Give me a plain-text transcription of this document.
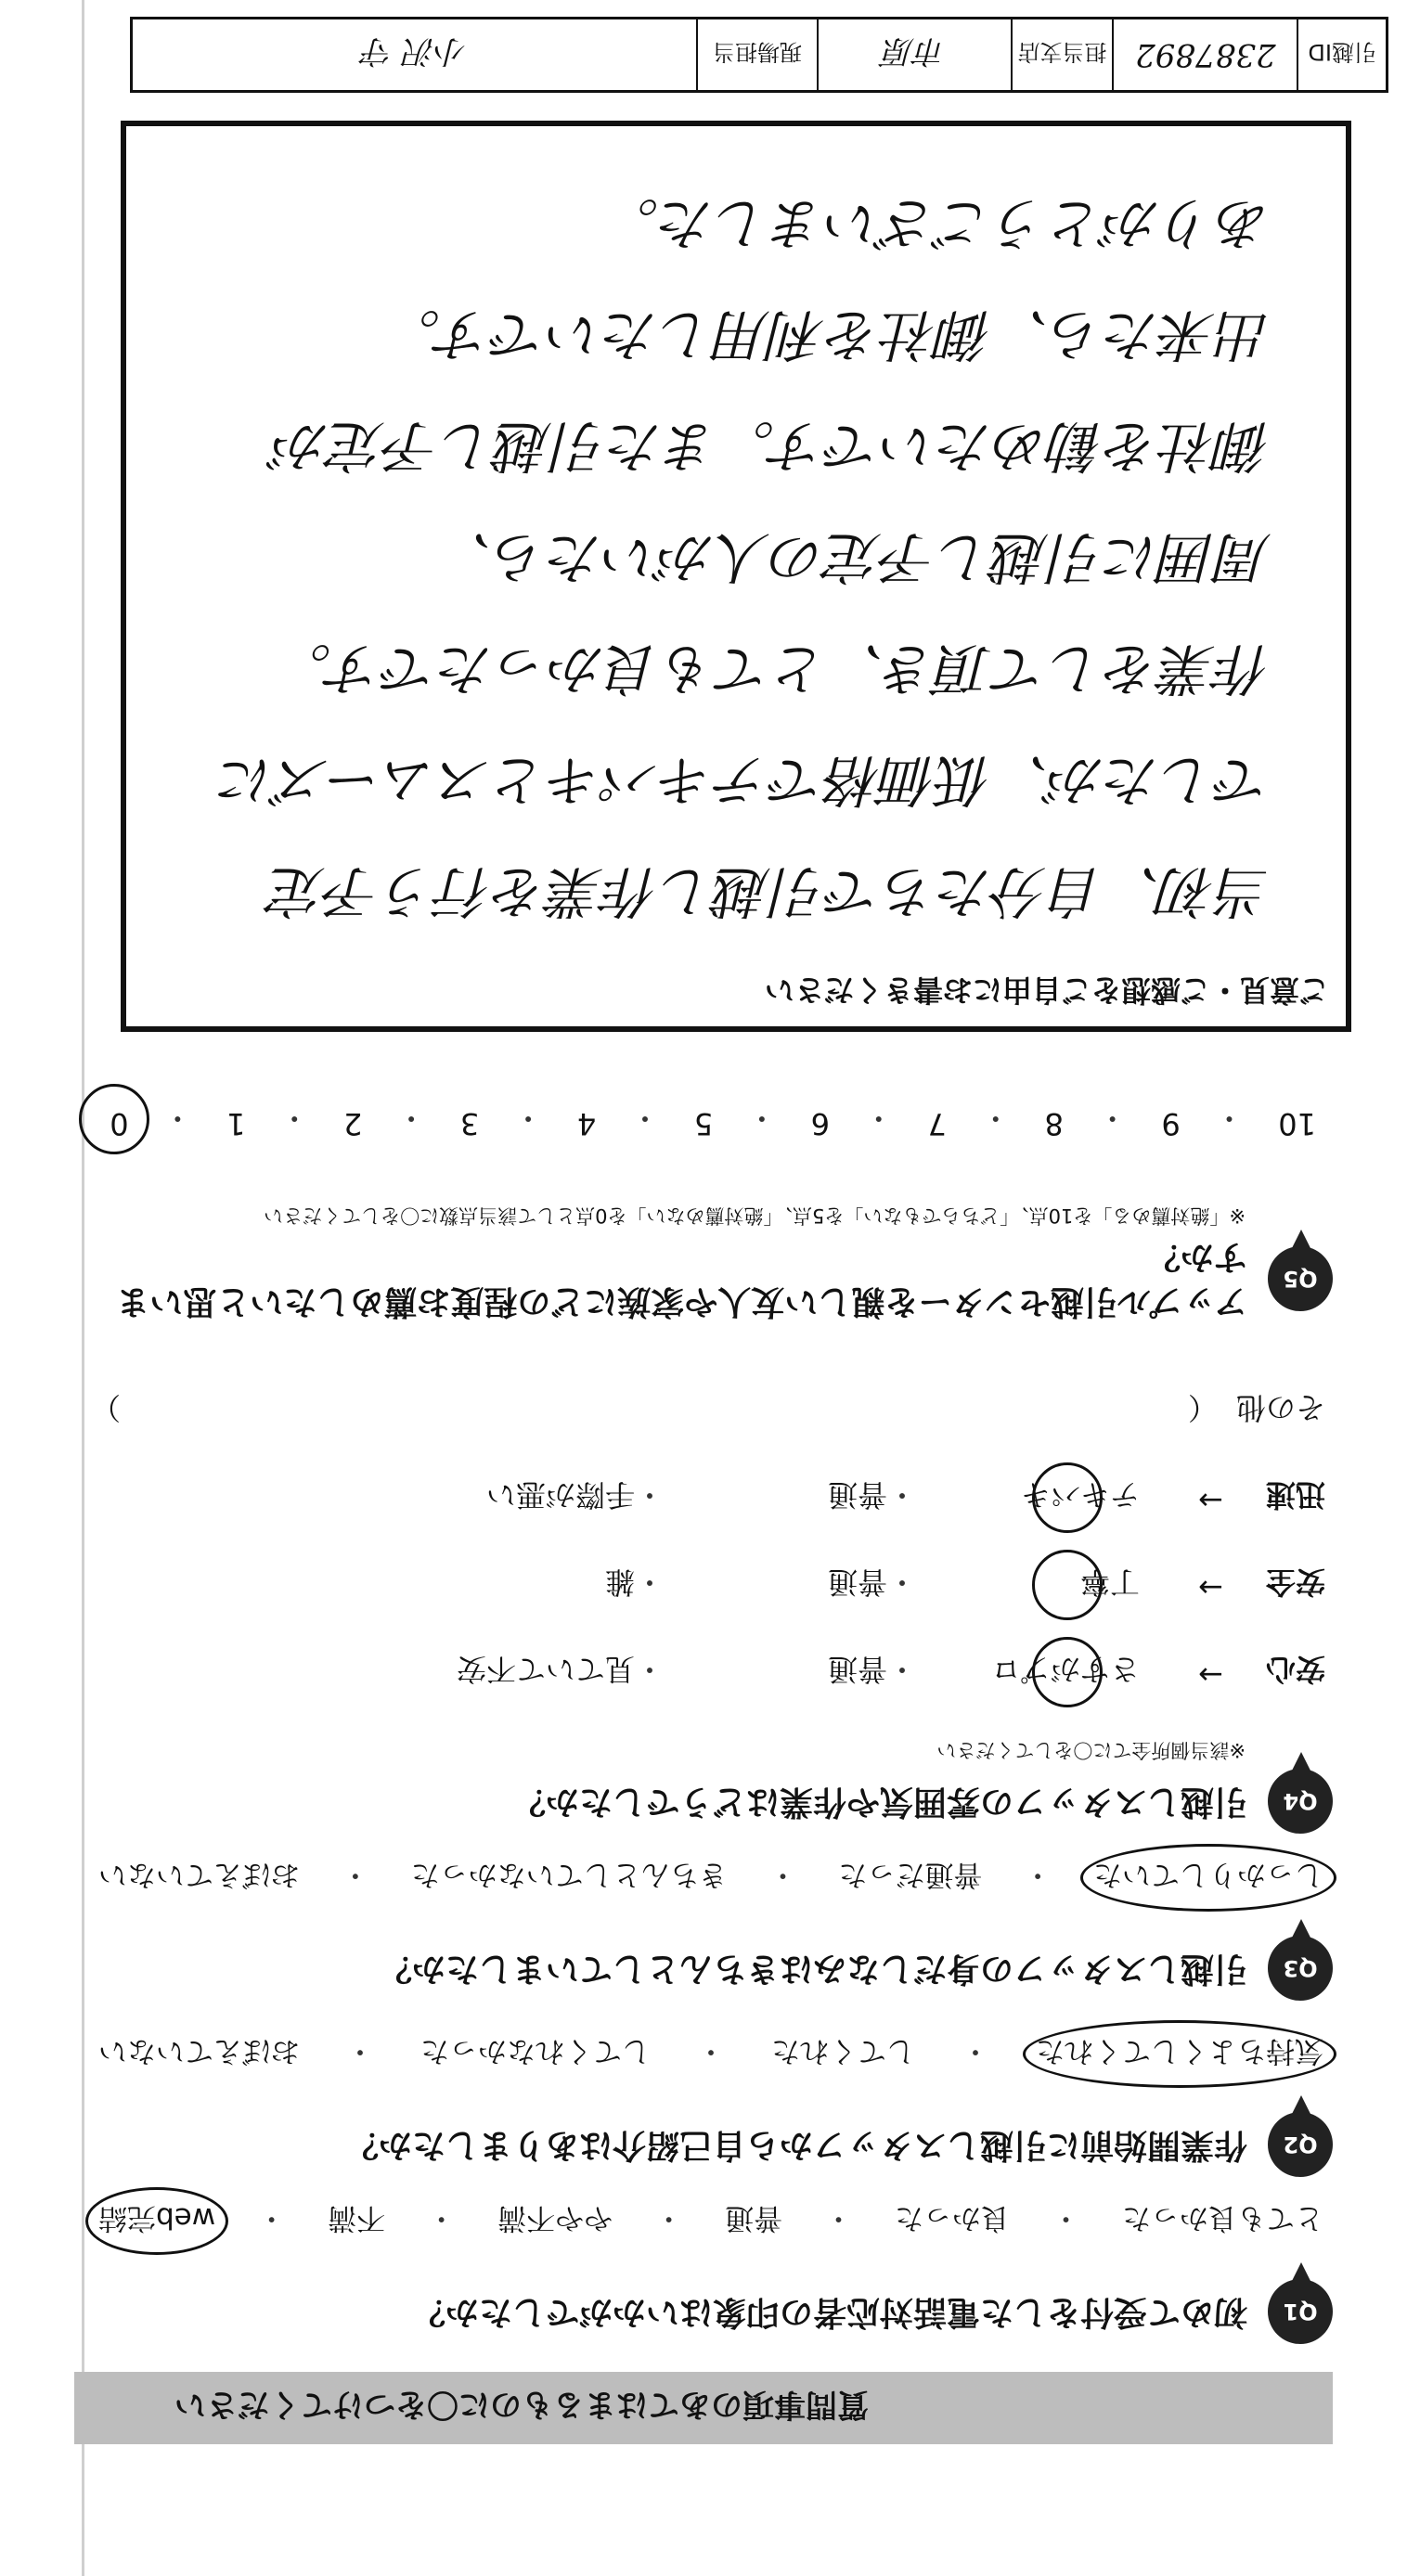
質問事項のあてはまるものに〇をつけてください
Q1
初めて受付をした電話対応者の印象はいかがでしたか？
とても良かった
・
良かった
・
普通
・
やや不満
・
不満
・
web完結
Q2
作業開始前に引越しスタッフから自己紹介はありましたか？
気持ちよくしてくれた
・
してくれた
・
してくれなかった
・
おぼえていない
Q3
引越しスタッフの身だしなみはきちんとしていましたか？
しっかりしていた
・
普通だった
・
きちんとしていなかった
・
おぼえていない
Q4
引越しスタッフの雰囲気や作業はどうでしたか？
※該当個所全てに〇をしてください
安心
→
さすがプロ
・
普通
・
見ていて不安
安全
→
丁寧
・
普通
・
雑
迅速
→
テキパキ
・
普通
・
手際が悪い
その他
（
）
Q5
アップル引越センターを親しい友人や家族にどの程度お薦めしたいと思いますか？
※「絶対薦める」を10点、「どちらでもない」を5点、「絶対薦めない」を0点として該当点数に〇をしてください
10
・
9
・
8
・
7
・
6
・
5
・
4
・
3
・
2
・
1
・
0
ご意見・ご感想をご自由にお書きください
当初、自分たちで引越し作業を行う予定
でしたが、低価格でテキパキとスムーズに
作業をして頂き、とても良かったです。
周囲に引越し予定の人がいたら、
御社を勧めたいです。また引越し予定が
出来たら、御社を利用したいです。
ありがとうございました。
引越ID
2387892
担当支店
市原
現場担当
小沢 守
